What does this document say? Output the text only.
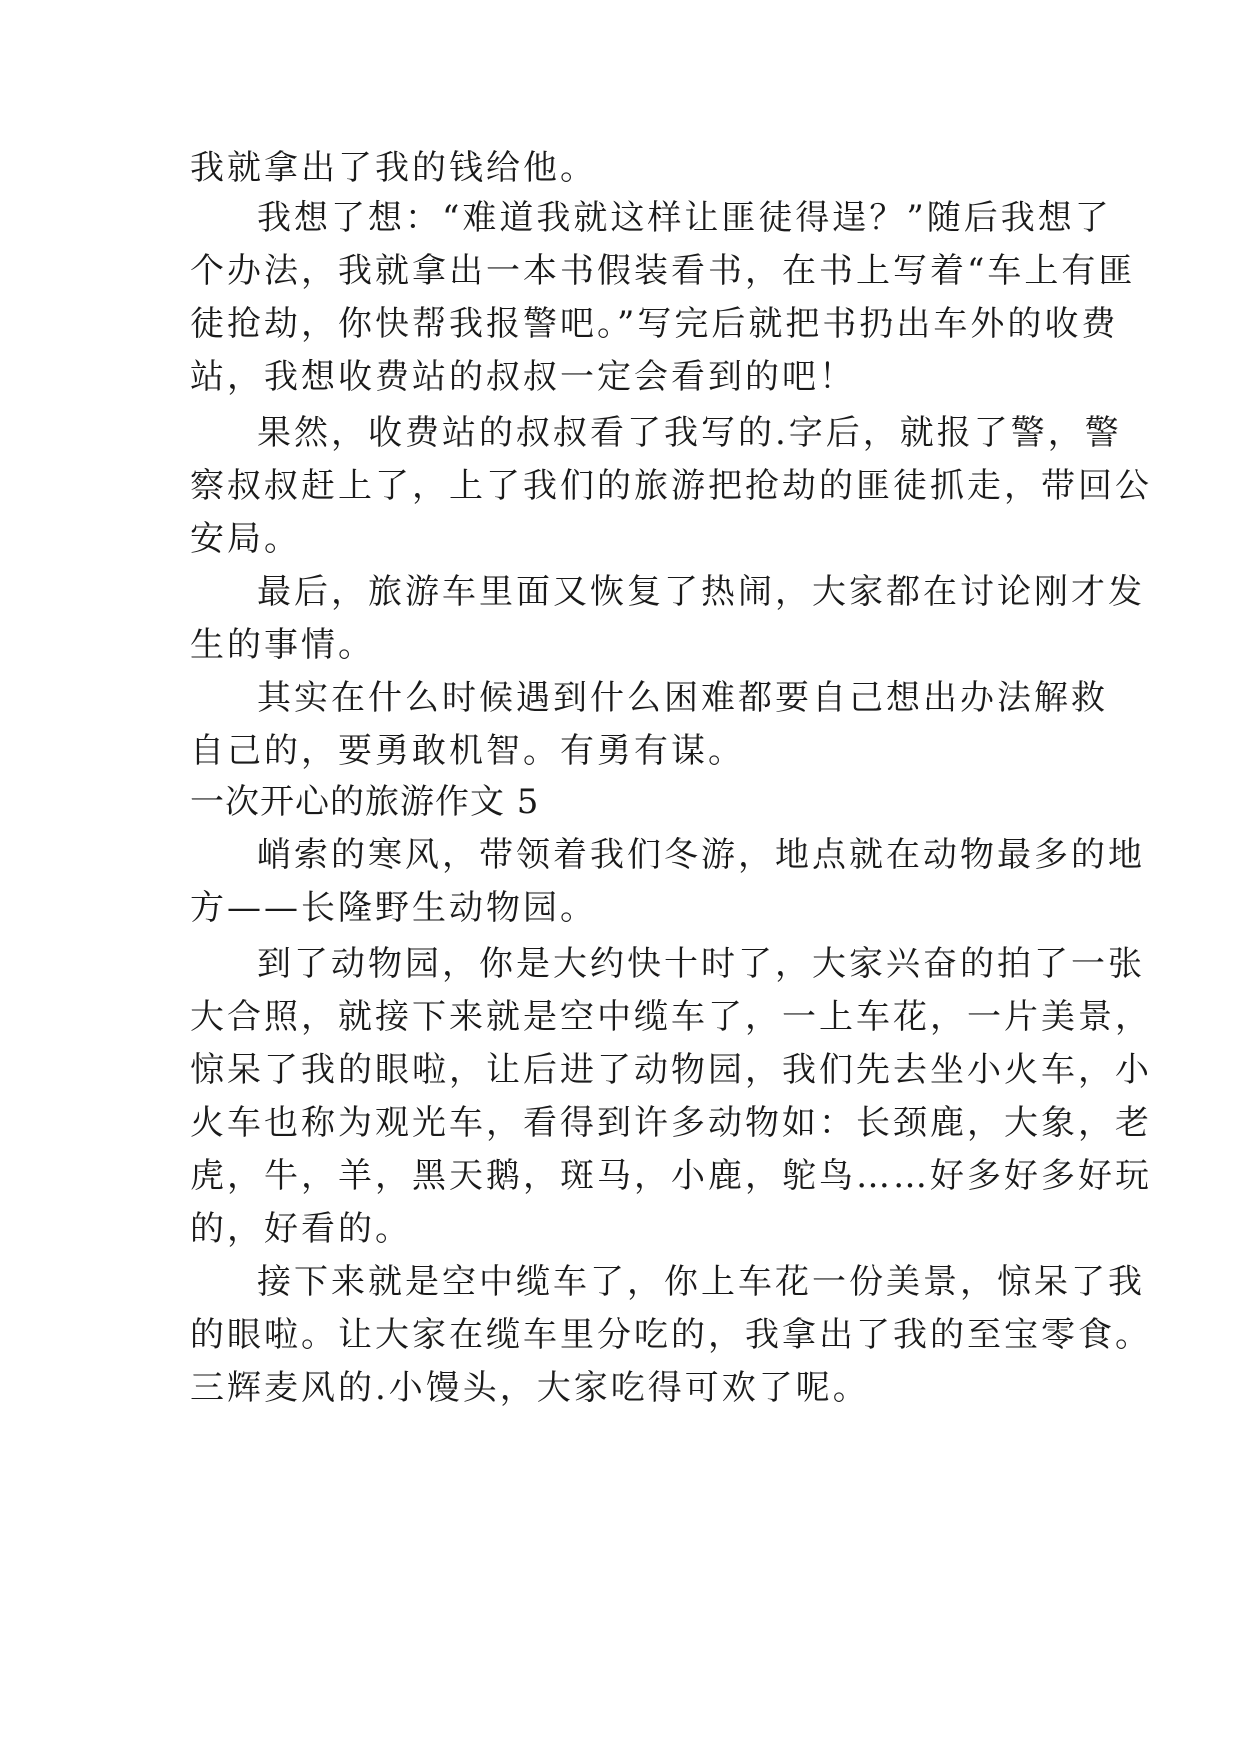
我就拿出了我的钱给他。
我想了想：“难道我就这样让匪徒得逞？”随后我想了
个办法，我就拿出一本书假装看书，在书上写着“车上有匪
徒抢劫，你快帮我报警吧。”写完后就把书扔出车外的收费
站，我想收费站的叔叔一定会看到的吧！
果然，收费站的叔叔看了我写的.字后，就报了警，警
察叔叔赶上了，上了我们的旅游把抢劫的匪徒抓走，带回公
安局。
最后，旅游车里面又恢复了热闹，大家都在讨论刚才发
生的事情。
其实在什么时候遇到什么困难都要自己想出办法解救
自己的，要勇敢机智。有勇有谋。
一次开心的旅游作文 5
峭索的寒风，带领着我们冬游，地点就在动物最多的地
方——长隆野生动物园。
到了动物园，你是大约快十时了，大家兴奋的拍了一张
大合照，就接下来就是空中缆车了，一上车花，一片美景，
惊呆了我的眼啦，让后进了动物园，我们先去坐小火车，小
火车也称为观光车，看得到许多动物如：长颈鹿，大象，老
虎，牛，羊，黑天鹅，斑马，小鹿，鸵鸟……好多好多好玩
的，好看的。
接下来就是空中缆车了，你上车花一份美景，惊呆了我
的眼啦。让大家在缆车里分吃的，我拿出了我的至宝零食。
三辉麦风的.小馒头，大家吃得可欢了呢。
